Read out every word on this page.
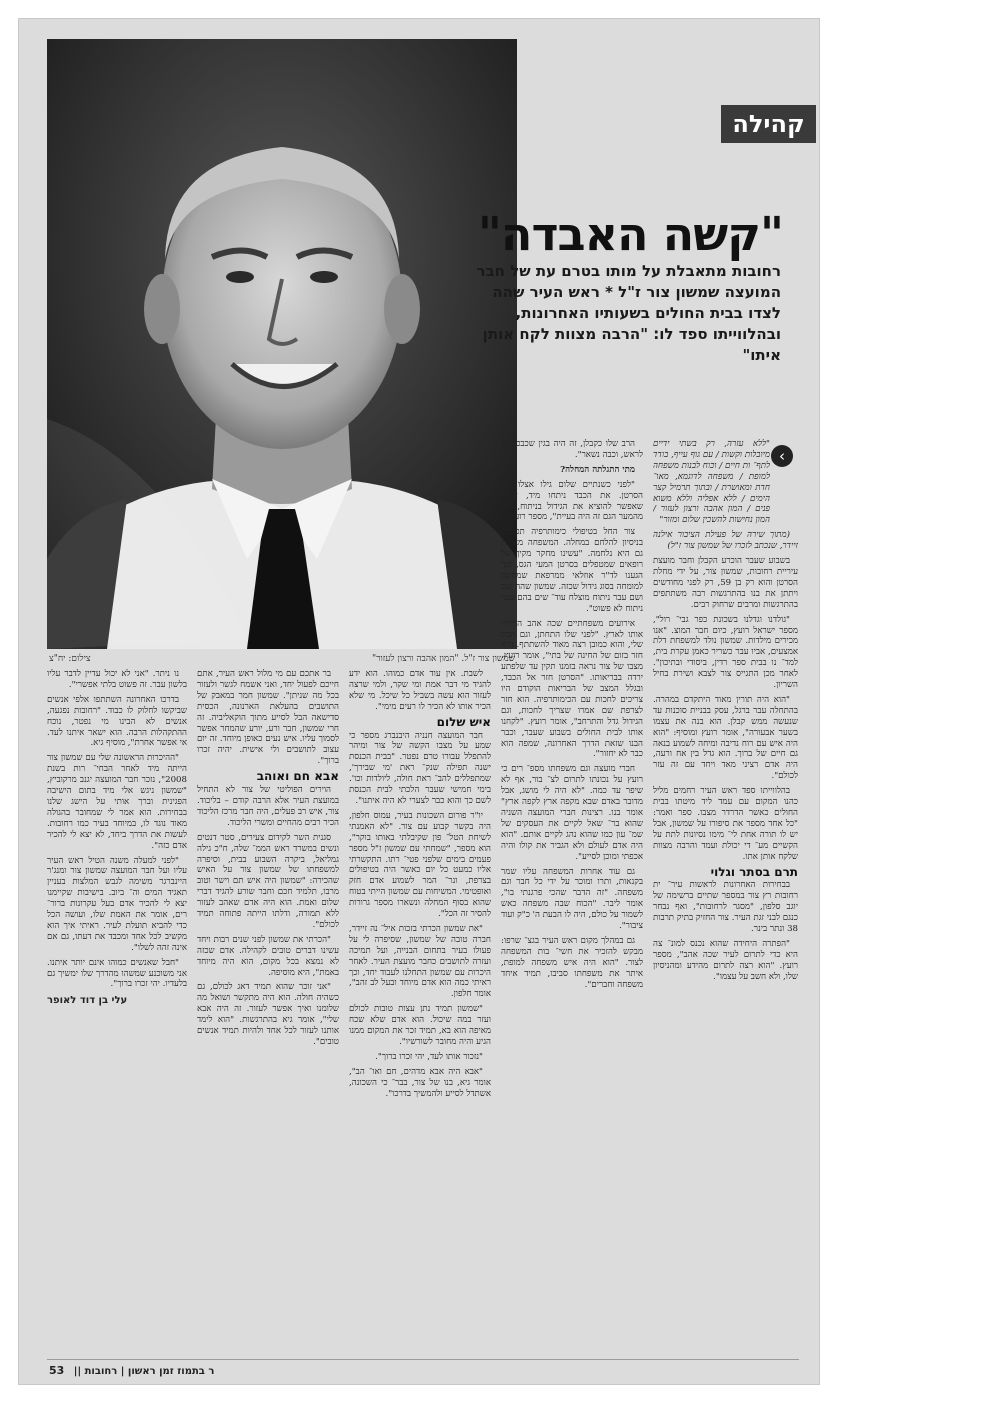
שמשון צור ז"ל. "המון אהבה ורצון לעזור"
צילום: יח"צ
קהילה
"קשה האבדה"
רחובות מתאבלת על מותו בטרם עת של חבר המועצה שמשון צור ז"ל * ראש העיר שהה לצדו בבית החולים בשעותיו האחרונות, ובהלווייתו ספד לו: "הרבה מצוות לקח אותן איתו"
‹

"ללא עזרה, רק בשתי ידיים מיובלות וקשות / עם גוף עייף, בודד לתף־ ות חיים / וכוח לבנות משפחה למופת / משפחה לדוגמא, מאו־ חדת ומאושרת / ובתוך תרמיל קצר הימים / ללא אפליה וללא משוא פנים / המון אהבה ורצון לעזור / המון נחישות להשכין שלום ומזור"

(מתוך שירה של פעילת הציבור אילנה זיידר, שנכתב לזכרו של שמשון צור ז"ל)

בשבוע שעבר הוכרע הקבלן וחבר מועצת עיריית רחובות, שמשון צור, על ידי מחלת הסרטן והוא רק בן 59, רק לפני מחודשים ויתתן את בנו בהתרגשות רבה משתתפים בהתרגשות ומרבים שרחוק רבים.

"גולדנו וגדלנו בשכונת כפר גבי־ רול", מספר ישראל רועץ, כיום חבר המוצ. "אנו מכירים מילדות. שמשון נולד למשפחת דלת אמצעים, אביו עבר כשריר כאמן עקרת בית, למד־ נו בבית ספר רדין, ביסודי ובתיכון". לאחר מכן התגייס צור לצבא ושירת בחיל השריון.

"הוא היה תורין מאוד היתקדם במהרה. בהתחלה עבר ברגל, עסק בבניית סוכנות עד שנעשה ממש קבלן. הוא בנה את עצמו בשער אבעורה", אומר רועץ ומוסיף: "הוא היה איש עם רוח נדיבה ומיחה לשמוע בנאה גם חיים של ברוך. הוא גדל בין אח ורעה, היה אדם רציני מאד ויחד עם זה עזר לכולם".

בהלווייתו ספד ראש העיר רחמים מליל כהנו המקום עם עמד ליד מיטתו בבית החולים כאשר הדרדר מצבו. ספר ואמר: "כל אחד מספר את סיפורו על שמשון, אבל יש לו תורה אחת לי־ מימו נסיונות לתת על הקשיים מע־ די יכולת ועמד והרבה מצוות שלקח אותן אתו.

תרם בסתר וגלוי

בבחירות האחרונות לראשות עיר־ ית רחובות רץ צור במספר שתיים ברשימה של יוגב סלפון, "מסגר לרחובות", ואף נבחר כנגם לבני זגת העיר. צור החזיק בתיק תרבות 38 ונתר בינר.

"הפתרה היחידה שהוא נכנס למונ־ צה היא כדי לתרום לעיר שכה אהב", מספר רועץ. "הוא רצה לתרום מהידע ומהניסיון שלו, ולא חשב על עצמו".

הרב שלו כקבלן, זה היה בגין שכבכם לו לראש, וכבה נשאר".

מתי התגלתה המחלה?

"לפני כשנתיים שלום גילו אצלו את הסרטן. את הכבד ניתחו מיד, אמרו שאפשר להוציא את הגידול בניתוח, ורק מהמער הגם זה היה בעיית", מספר רועץ.

צור החל בטיפולי כימותרפיה תכופים בניסיון להלחם במחלה. המשפחה מציינת גם היא נלחמה. "עשינו מחקר מקיף על רופאים שמטפלים בסרטן המעי הגס, וכך הגענו לד"ר אוזלאי ממרפאת שמחשב למומחה בסוג גידול שכזה. שמשון שהה שם ושם עבר ניתוח מוצלח עוד־ שים בהם עבר ניתוח לא פשוט".

אירועים משפחתיים שכה אהב החזירו אותו לארץ. "לפני שלו התחתן, וגם הבת שלי, והוא כמובן רצה מאוד להשתתף. הוא חזר בזום של החינה של בתי", אומר רועץ. מצבו של צור נראה בזמנו תקין עד שלפתע ירדה בבריאותו. "הסרטן חזר אל הכבד, ובגלל המצב של הבריאות הוקודם היו צריכים לחכות עם הכימותרפיה. הוא חזר לצרפת שם אמרו שצריך לחכות, וגם הגידול גדל והתרחב", אומר רועץ. "לקחנו אותו לבית החולים בשבוע שעבר, וכבר הבנו שזאת הדרך האחרונה, שמפה הוא כבר לא יחזור".

חברי מועצה וגם משפחתו מספ־ רים כי רועץ על נכונתו לתרום לצ־ בור, אף לא שיפר עד כמה. "לא היה לי מושג, אבל מדובר באדם שבא מקפה ארץ לקפה ארץ" אומר בנו. רצינות חברי המועצה השניה שהוא בר־ שאל לקיים את העסקים של שמ־ עון כמו שהוא נהג לקיים אותם. "הוא היה אדם לעולם ולא הגביר את קולו והיה אכפתי ומוכן לסייע".

גם עוד אחרות המשפחה עליו שמר בקנאות, ותרו ומוכר על ידי כל חבר וגם משפחה. "זה הדבר שהכי פרגנתי בו", אומר ליבר. "הכוח שבה משפחה כאש לשמור על כולם, היה לו הבעת ה' כ"ק ועוד ציבור".

גם במהלך מקום ראש העיר בגצ־ שרפו: מבקש להזכיר את חשי־ בות המשפחה לצור. "הוא היה איש משפחה למופת, איתר את משפחתו סביבו, תמיד איחד משפחה וחברים".

לשבת. אין עוד אדם כמוהו. הוא ידע להגיד מי דבר אמת ומי שקר, ולמי שרצה לעזור הוא עשה בשביל כל שיכל. מי שלא הכיר אותו לא הכיר לו רעים מימי".

איש שלום

חבר המועצה חנניה היבנברג מספר כי שמע על מצבו הקשה של צור ומיהר להתפלל עבורו טרם נפטר. "בבית הכנסת ישנה תפילה שנק־ ראת 'מי שבירך', שמתפללים להב־ ראת חולה, ליולדות וכו'. בימי חמישי שעבר הלכתי לבית הכנסת לשם כך והוא כבר לצערי לא היה איתנו".

יו"ר פורום השכונות בעיר, עמוס חלפון, היה בקשר קבוע עם צור. "לא האמנתי לשיחת הטל־ פון שקיבלתי באותו בוקר", הוא מספר, "שמחתי עם שמשון ז"ל מספר פעמים בימים שלפני פטי־ רתו. התקשרתי אליו כמעט כל יום כאשר היה בטיפולים בצרפת, ונר־ המר לשמוע אדם חזק ואופטימי. המשיחות עם שמשון הייתי בטוח שהוא בסוף המחלה ונשארו מספר גרורות להסיר זה הכל".

"את שמשון הכרתי בזכות איל־ נה זיידר, חברה טובה של שמשון, שסיפרה לי על פעולו בעיר בתחום הבנייה, ועל תמיכה ועזרה לתושבים כחבר מועצת העיר. לאחר היכרות עם שמשון התחלנו לעבוד יחד, וכך ראיתי כמה הוא אדם מיוחד ובעל לב זהב", אומר חלפון.

"שמשון תמיד נתן עצות טובות לכולם ועזר במה שיכול. הוא אדם שלא שכח מאיפה הוא בא, תמיד זכר את המקום ממנו הגיע והיה מחובר לשורשיו".

"נזכור אותו לעד, יהי זכרו ברוך".

"אבא היה אבא מדהים, חם ואו־ הב", אומר גיא, בנו של צור, בבר־ כי השכונה, אשתדל לסייע ולהמשיך בדרכו".

בר אתכם עם מי מלול ראש העיר, אתם חייכם לפעול יחד, ואני אשמח לגשר ולעזור בכל מה שניתן". שמשון חמר במאבק של התושבים בהעלאת הארנונה, הכסית סדישאה הבל לסייע מתוך הוקאליביה. זה חרי שמשון, חבר ורע, יורע שהמחר אפשר לסמוך עליו. איש נעים כאופן מיוחד. זה יום עצוב לתושבים ולי אישית. יהיה זכרו ברוך".

אבא חם ואוהב

הוירים הפוליטי של צור לא התחיל במועצת העיר אלא הרבה קודם – בליכוד. צור, איש רב פעלים, היה חבר מרכז הליכוד הכיר רבים מהחיים ומשרי הליכוד.

סגנית השר לקידום צעירים, סטר דנטים ונשים במשרד ראש הממ־ שלה, ח"כ גילה גמליאל, ביקרה השבוע בבית, וסיפרה למשפחתו של שמשון צור על האיש שהכירה: "שמשון היה איש תם וישר וטוב מרבו, תלמיד חכם וחבר שורע להגיד דברי שלום ואמת. הוא היה אדם שאהב לעזור ללא תמורה, ודלתו הייתה פתוחה תמיד לכולם".

"הכרתי את שמשון לפני שנים רבות ויחד עשינו דברים טובים לקהילה. אדם שכזה לא נמצא בכל מקום, הוא היה מיוחד באמת", היא מוסיפה.

"אני זוכר שהוא תמיד דאג לכולם, גם כשהיה חולה. הוא היה מתקשר ושואל מה שלומנו ואיך אפשר לעזור. זה היה אבא שלי", אומר גיא בהתרגשות. "הוא לימד אותנו לעזור לכל אחד ולהיות תמיד אנשים טובים".

נו ניתר. "אני לא יכול עדיין לדבר עליו בלשון עבר. זה פשוט בלתי אפשרי".

בדרכו האחרונה השתתפו אלפי אנשים שביקשו לחלוק לו כבוד. "רחובות נפגעה, אנשים לא הבינו מי נפטר, נוכח ההתקהלות הרבה. הוא ישאר איתנו לעד. אי אפשר אחרת", מוסיף גיא.

"ההיכרות הראשונה שלי עם שמשון צור הייתה מיד לאחר הבחי־ רות בשנת 2008", נזכר חבר המועצה יגנב מרקוביץ, "שמשון ניגש אלי מיד בתום הישיבה הפגינית וברך אותי על הישג שלנו בבחירות. הוא אמר לי שמחובר בהגולה מאוד נוגד לו, במיוחד בעיר כמו רחובות. לעשות את הדרך ביחד, לא יצא לי להכיר אדם כזה".

"לפני למעלה משנה הטיל ראש העיר עליו ועל חבר המועצה שמשון צור ומנג'ר היינברגר משימה לגבש המלצות בעניין תאגיד המים וה־ ביוב. בישיבות שקיימנו יצא לי להכיר אדם בעל עקרונות ברור־ רים, אומר את האמת שלו, ועושה הכל כדי להביא תועלת לעיר. ראיתי איך הוא מקשיב לכל אחד ומכבד את דעתו, גם אם אינה זהה לשלו".

"חבל שאנשים כמוהו אינם יותר איתנו. אני משוכנע שמשהו מהדרך שלו ימשיך גם בלעדיו. יהי זכרו ברוך".

עלי בן דוד לאופר
53 ר בתמוז זמן ראשון | רחובות ||
